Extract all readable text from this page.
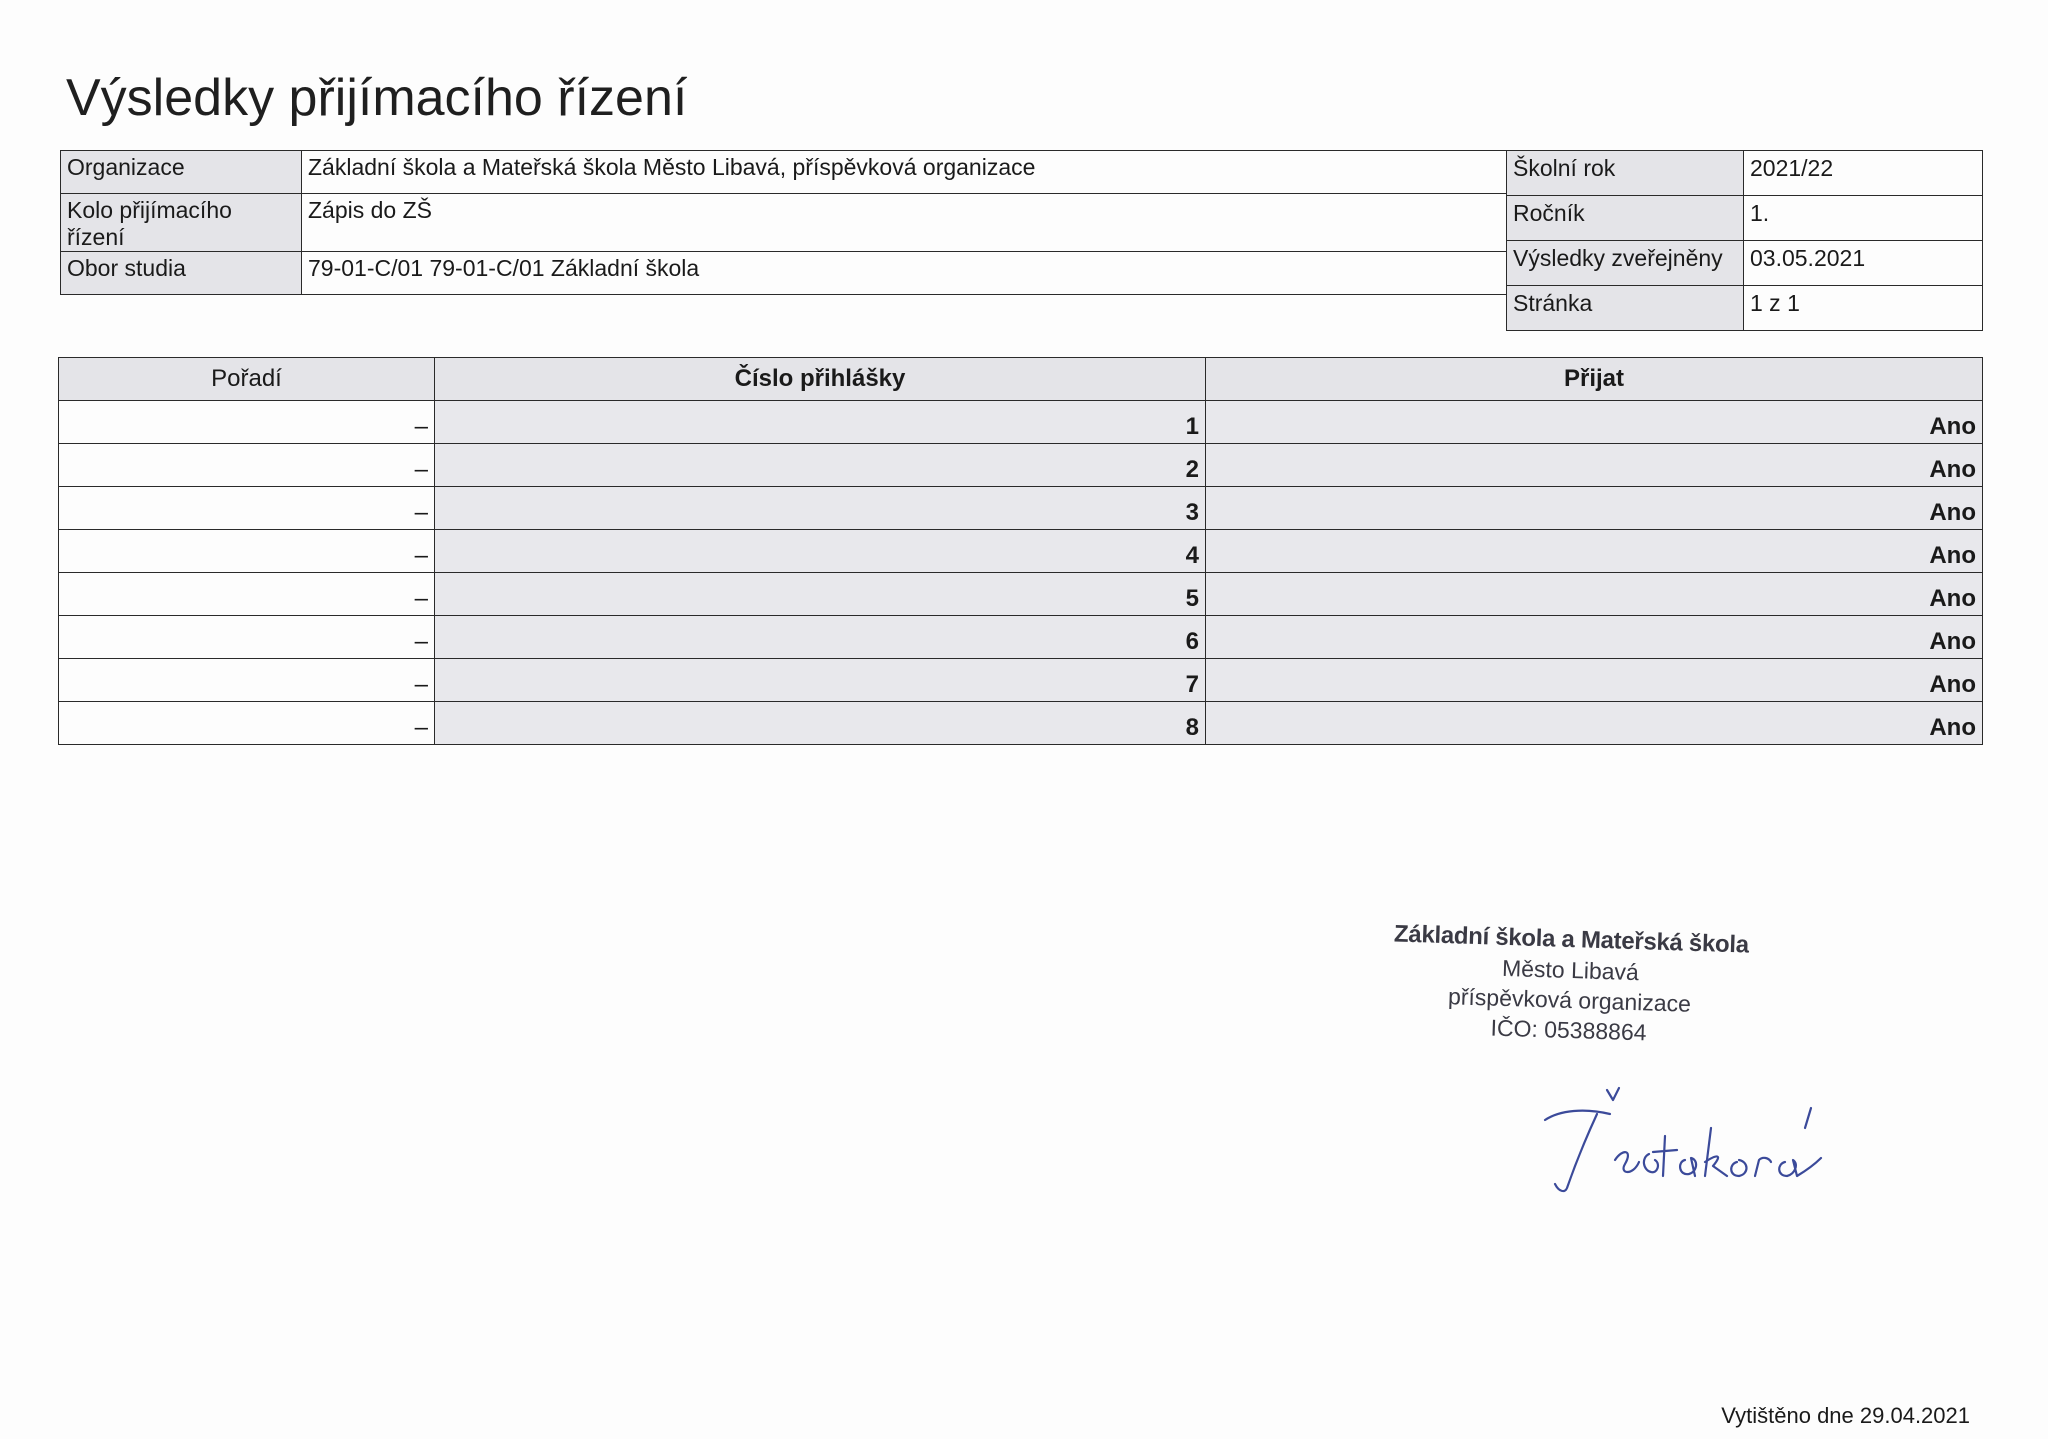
Výsledky přijímacího řízení
Organizace	Základní škola a Mateřská škola Město Libavá, příspěvková organizace
Kolo přijímacího řízení	Zápis do ZŠ
Obor studia	79-01-C/01 79-01-C/01 Základní škola
Školní rok	2021/22
Ročník	1.
Výsledky zveřejněny	03.05.2021
Stránka	1 z 1
Pořadí	Číslo přihlášky	Přijat
–	1	Ano
–	2	Ano
–	3	Ano
–	4	Ano
–	5	Ano
–	6	Ano
–	7	Ano
–	8	Ano
Základní škola a Mateřská škola
Město Libavá
příspěvková organizace
IČO: 05388864
Vytištěno dne 29.04.2021
